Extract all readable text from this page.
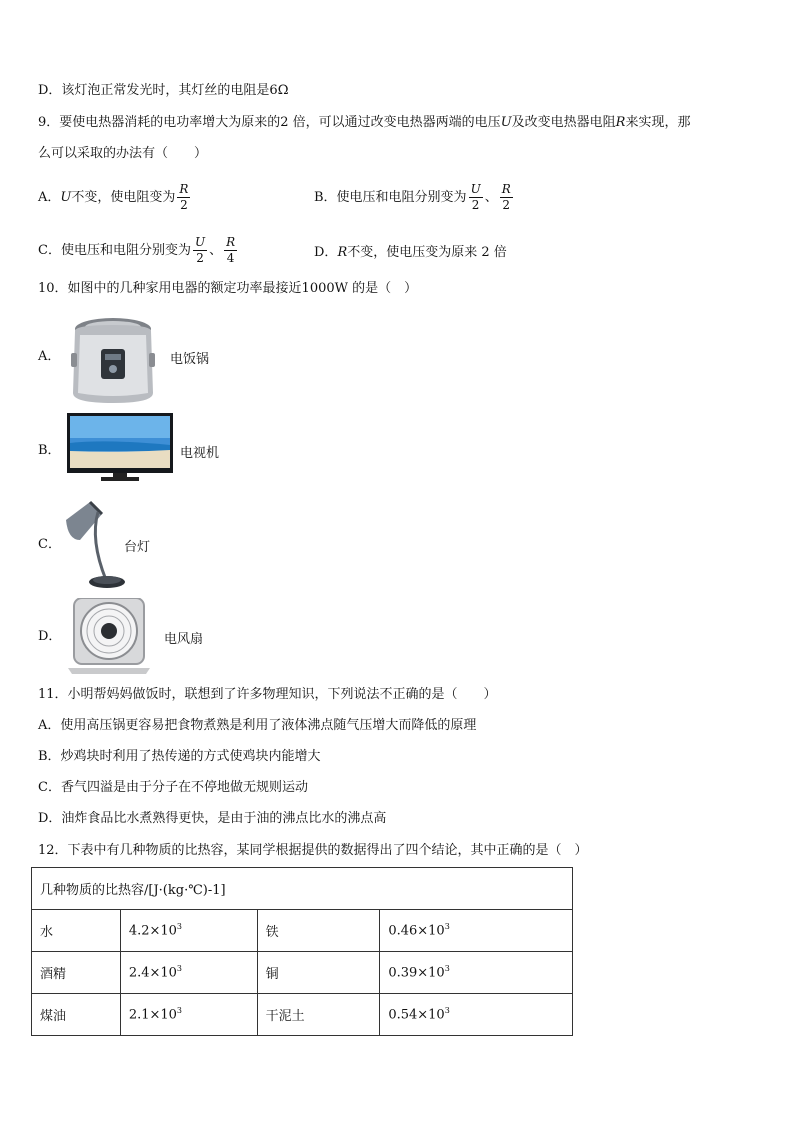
D．该灯泡正常发光时，其灯丝的电阻是6Ω
9．要使电热器消耗的电功率增大为原来的2 倍，可以通过改变电热器两端的电压U及改变电热器电阻R来实现，那
么可以采取的办法有（　　）
A．U不变，使电阻变为 $\frac{R}{2}$	B．使电压和电阻分别变为 $\frac{U}{2}$ 、 $\frac{R}{2}$
C．使电压和电阻分别变为 $\frac{U}{2}$ 、 $\frac{R}{4}$	D．R不变，使电压变为原来 2 倍
10．如图中的几种家用电器的额定功率最接近1000W 的是（　）
A．	电饭锅
B．	电视机
C．	台灯
D．	电风扇
11．小明帮妈妈做饭时，联想到了许多物理知识，下列说法不正确的是（　　）
A．使用高压锅更容易把食物煮熟是利用了液体沸点随气压增大而降低的原理
B．炒鸡块时利用了热传递的方式使鸡块内能增大
C．香气四溢是由于分子在不停地做无规则运动
D．油炸食品比水煮熟得更快，是由于油的沸点比水的沸点高
12．下表中有几种物质的比热容，某同学根据提供的数据得出了四个结论，其中正确的是（　）
几种物质的比热容/[J·(kg·℃)-1]			
水	$4.2\times 10^3$	铁	$0.46\times 10^3$
酒精	$2.4\times 10^3$	铜	$0.39\times 10^3$
煤油	$2.1\times 10^3$	干泥土	$0.54\times 10^3$
